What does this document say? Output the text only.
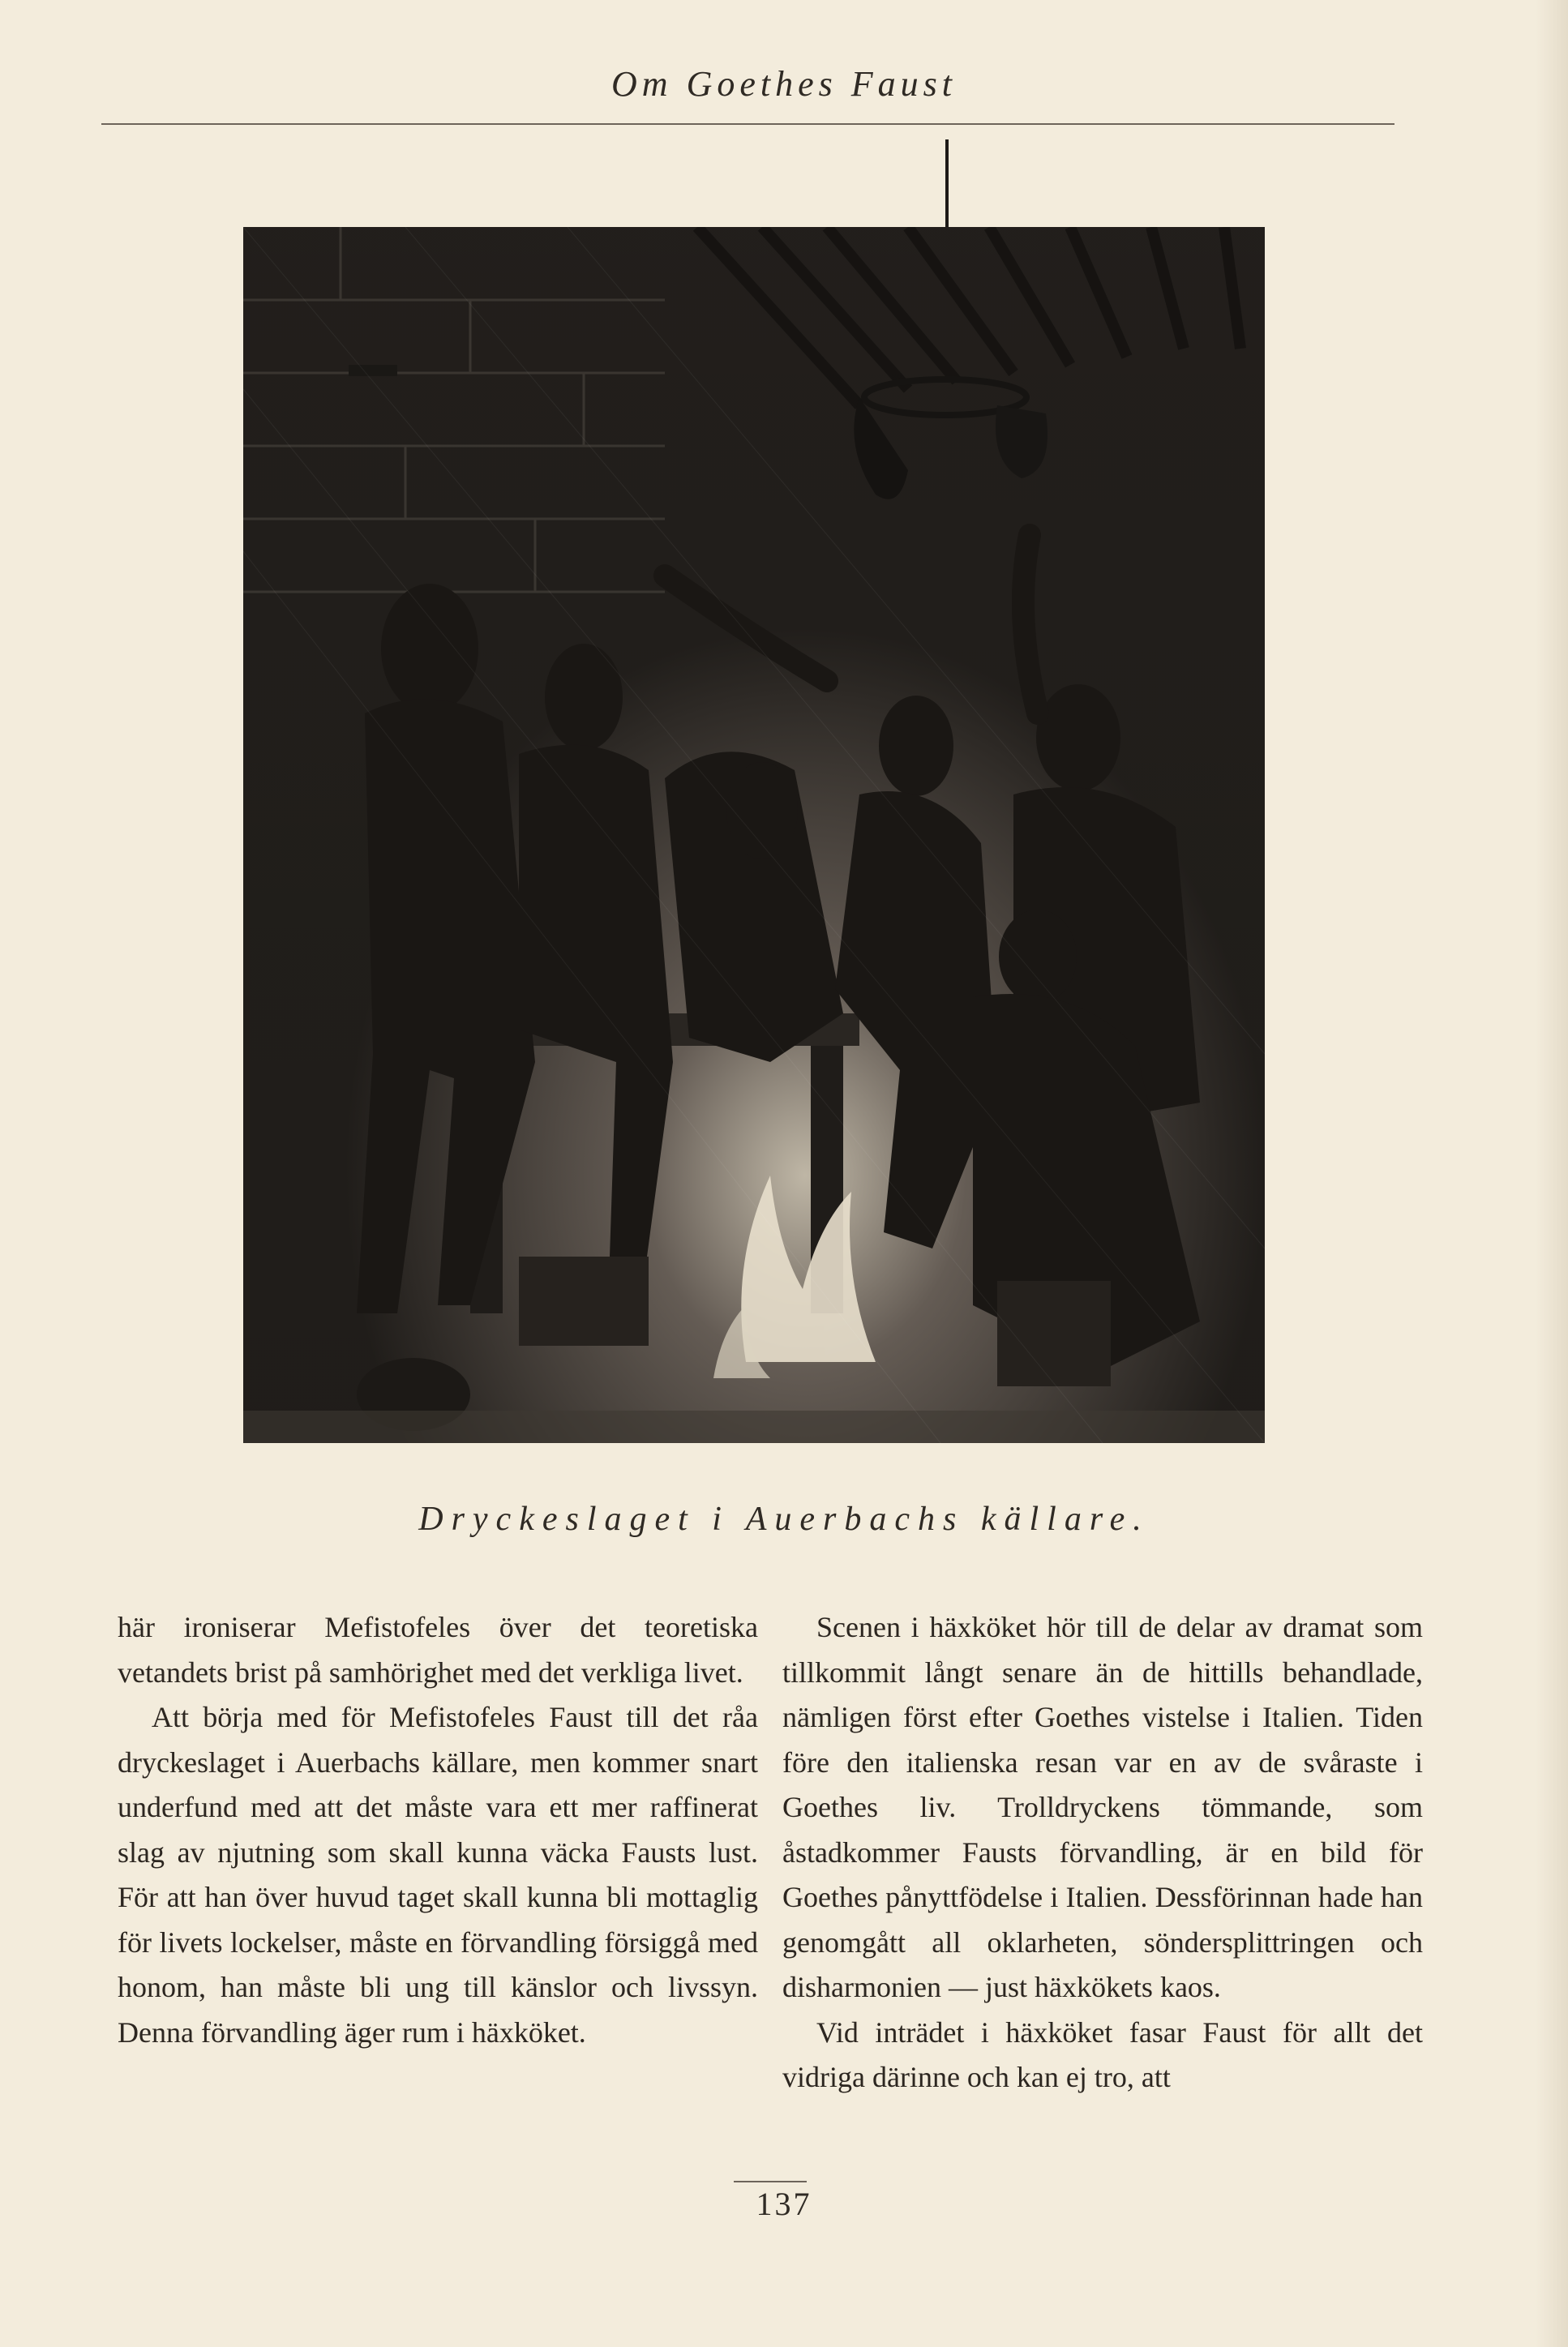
Om Goethes Faust
Dryckeslaget i Auerbachs källare.

här ironiserar Mefistofeles över det teoretiska vetandets brist på samhörighet med det verkliga livet.

Att börja med för Mefistofeles Faust till det råa dryckeslaget i Auerbachs källare, men kommer snart underfund med att det måste vara ett mer raffinerat slag av njutning som skall kunna väcka Fausts lust. För att han över huvud taget skall kunna bli mottaglig för livets lockelser, måste en förvandling försiggå med honom, han måste bli ung till känslor och livssyn. Denna förvandling äger rum i häxköket.

Scenen i häxköket hör till de delar av dramat som tillkommit långt senare än de hittills behandlade, nämligen först efter Goethes vistelse i Italien. Tiden före den italienska resan var en av de svåraste i Goethes liv. Trolldryckens tömmande, som åstadkommer Fausts förvandling, är en bild för Goethes pånyttfödelse i Italien. Dessförinnan hade han genomgått all oklarheten, söndersplittringen och disharmonien — just häxkökets kaos.

Vid inträdet i häxköket fasar Faust för allt det vidriga därinne och kan ej tro, att

137
